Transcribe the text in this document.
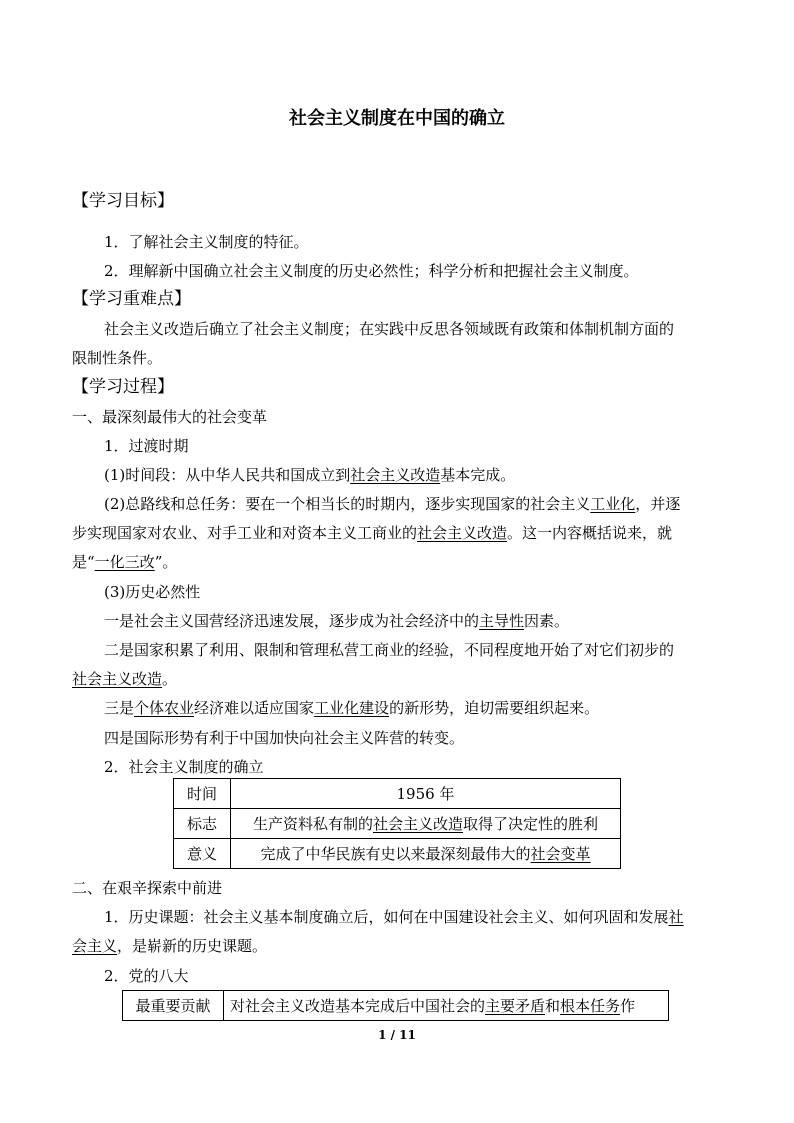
社会主义制度在中国的确立
【学习目标】
1．了解社会主义制度的特征。
2．理解新中国确立社会主义制度的历史必然性；科学分析和把握社会主义制度。
【学习重难点】
社会主义改造后确立了社会主义制度；在实践中反思各领域既有政策和体制机制方面的
限制性条件。
【学习过程】
一、最深刻最伟大的社会变革
1．过渡时期
(1)时间段：从中华人民共和国成立到社会主义改造基本完成。
(2)总路线和总任务：要在一个相当长的时期内，逐步实现国家的社会主义工业化，并逐
步实现国家对农业、对手工业和对资本主义工商业的社会主义改造。这一内容概括说来，就
是“一化三改”。
(3)历史必然性
一是社会主义国营经济迅速发展，逐步成为社会经济中的主导性因素。
二是国家积累了利用、限制和管理私营工商业的经验，不同程度地开始了对它们初步的
社会主义改造。
三是个体农业经济难以适应国家工业化建设的新形势，迫切需要组织起来。
四是国际形势有利于中国加快向社会主义阵营的转变。
2．社会主义制度的确立
时间	1956 年
标志	生产资料私有制的社会主义改造取得了决定性的胜利
意义	完成了中华民族有史以来最深刻最伟大的社会变革
二、在艰辛探索中前进
1．历史课题：社会主义基本制度确立后，如何在中国建设社会主义、如何巩固和发展社
会主义，是崭新的历史课题。
2．党的八大
最重要贡献	对社会主义改造基本完成后中国社会的主要矛盾和根本任务作
1 / 11
